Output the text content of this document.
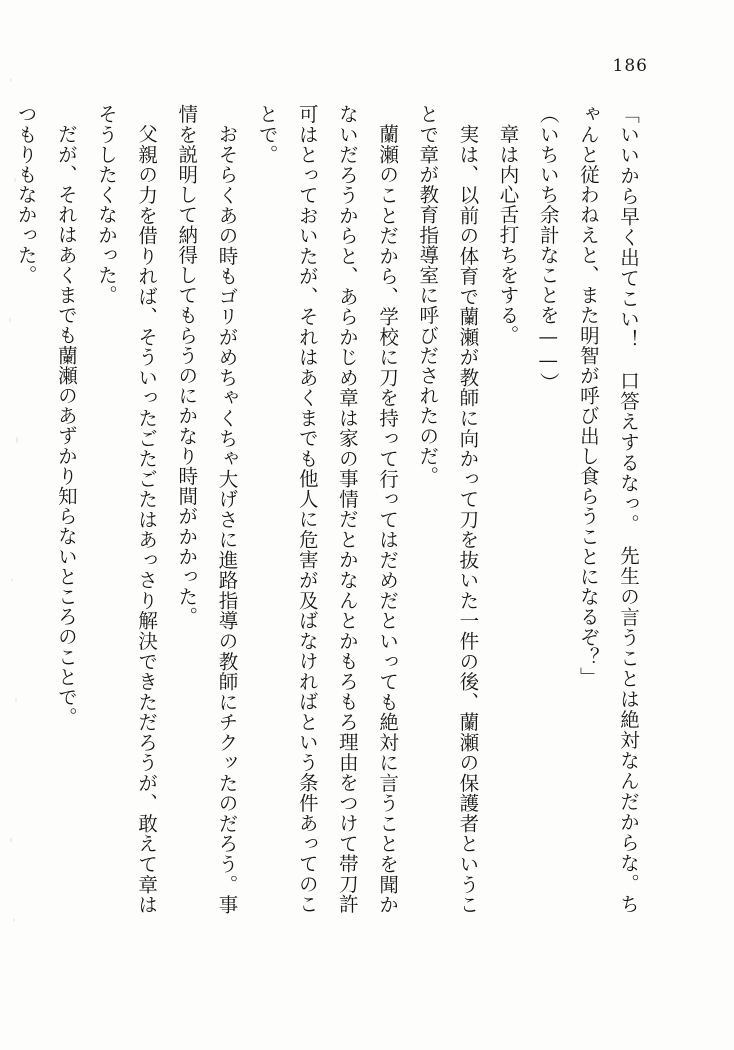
186

「いいから早く出てこい！　口答えするなっ。　先生の言うことは絶対なんだからな。ちゃんと従わねえと、また明智が呼び出し食らうことになるぞ？」

（いちいち余計なことを——）

章は内心舌打ちをする。

実は、以前の体育で蘭瀬が教師に向かって刀を抜いた一件の後、蘭瀬の保護者ということで章が教育指導室に呼びだされたのだ。

蘭瀬のことだから、学校に刀を持って行ってはだめだといっても絶対に言うことを聞かないだろうからと、あらかじめ章は家の事情だとかなんとかもろもろ理由をつけて帯刀許可はとっておいたが、それはあくまでも他人に危害が及ばなければという条件あってのことで。

おそらくあの時もゴリがめちゃくちゃ大げさに進路指導の教師にチクッたのだろう。事情を説明して納得してもらうのにかなり時間がかかった。

父親の力を借りれば、そういったごたごたはあっさり解決できただろうが、敢えて章はそうしたくなかった。

だが、それはあくまでも蘭瀬のあずかり知らないところのことで。

つもりもなかった。
